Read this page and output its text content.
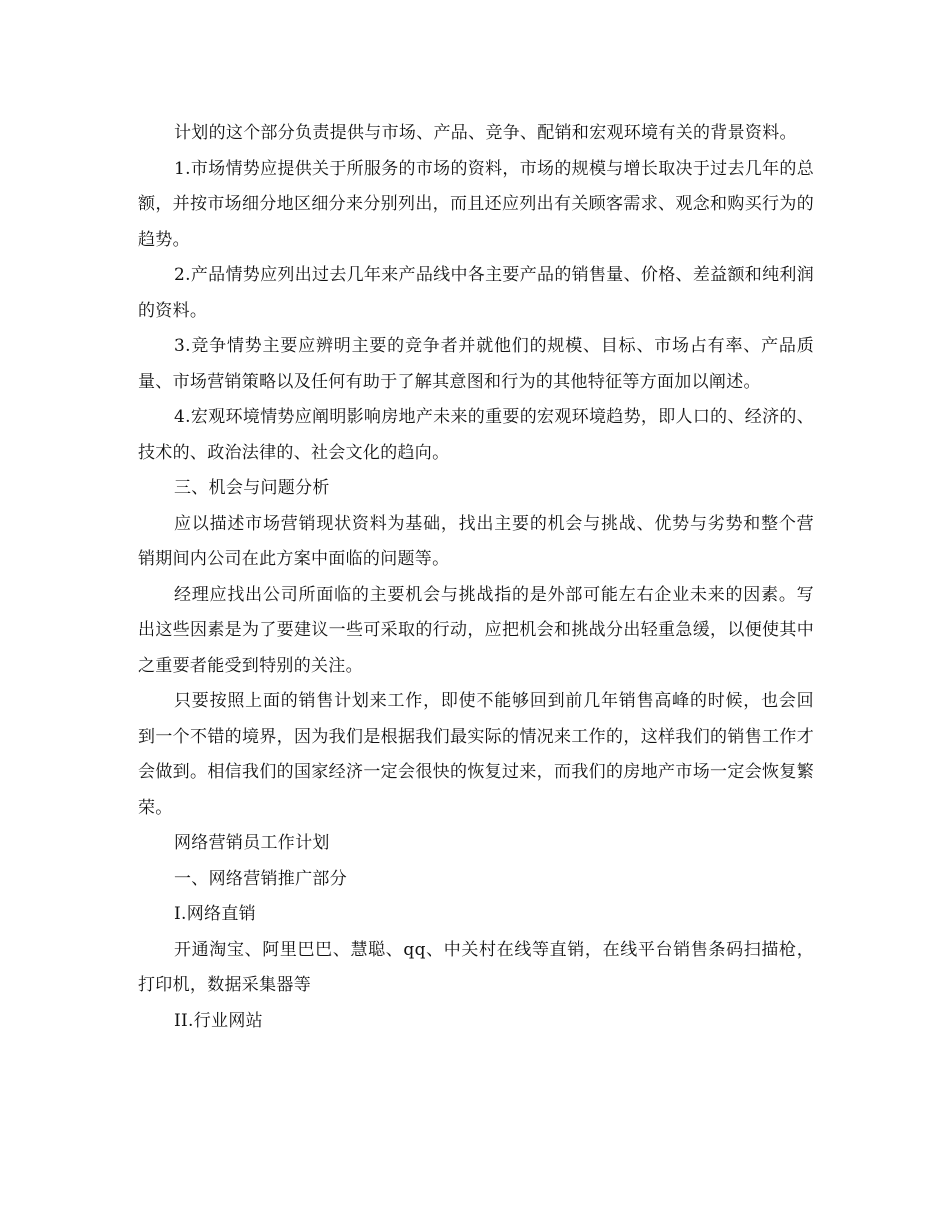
计划的这个部分负责提供与市场、产品、竞争、配销和宏观环境有关的背景资料。

1.市场情势应提供关于所服务的市场的资料，市场的规模与增长取决于过去几年的总额，并按市场细分地区细分来分别列出，而且还应列出有关顾客需求、观念和购买行为的趋势。

2.产品情势应列出过去几年来产品线中各主要产品的销售量、价格、差益额和纯利润的资料。

3.竞争情势主要应辨明主要的竞争者并就他们的规模、目标、市场占有率、产品质量、市场营销策略以及任何有助于了解其意图和行为的其他特征等方面加以阐述。

4.宏观环境情势应阐明影响房地产未来的重要的宏观环境趋势，即人口的、经济的、技术的、政治法律的、社会文化的趋向。

三、机会与问题分析

应以描述市场营销现状资料为基础，找出主要的机会与挑战、优势与劣势和整个营销期间内公司在此方案中面临的问题等。

经理应找出公司所面临的主要机会与挑战指的是外部可能左右企业未来的因素。写出这些因素是为了要建议一些可采取的行动，应把机会和挑战分出轻重急缓，以便使其中之重要者能受到特别的关注。

只要按照上面的销售计划来工作，即使不能够回到前几年销售高峰的时候，也会回到一个不错的境界，因为我们是根据我们最实际的情况来工作的，这样我们的销售工作才会做到。相信我们的国家经济一定会很快的恢复过来，而我们的房地产市场一定会恢复繁荣。

网络营销员工作计划

一、网络营销推广部分

I.网络直销

开通淘宝、阿里巴巴、慧聪、qq、中关村在线等直销，在线平台销售条码扫描枪，打印机，数据采集器等

II.行业网站
